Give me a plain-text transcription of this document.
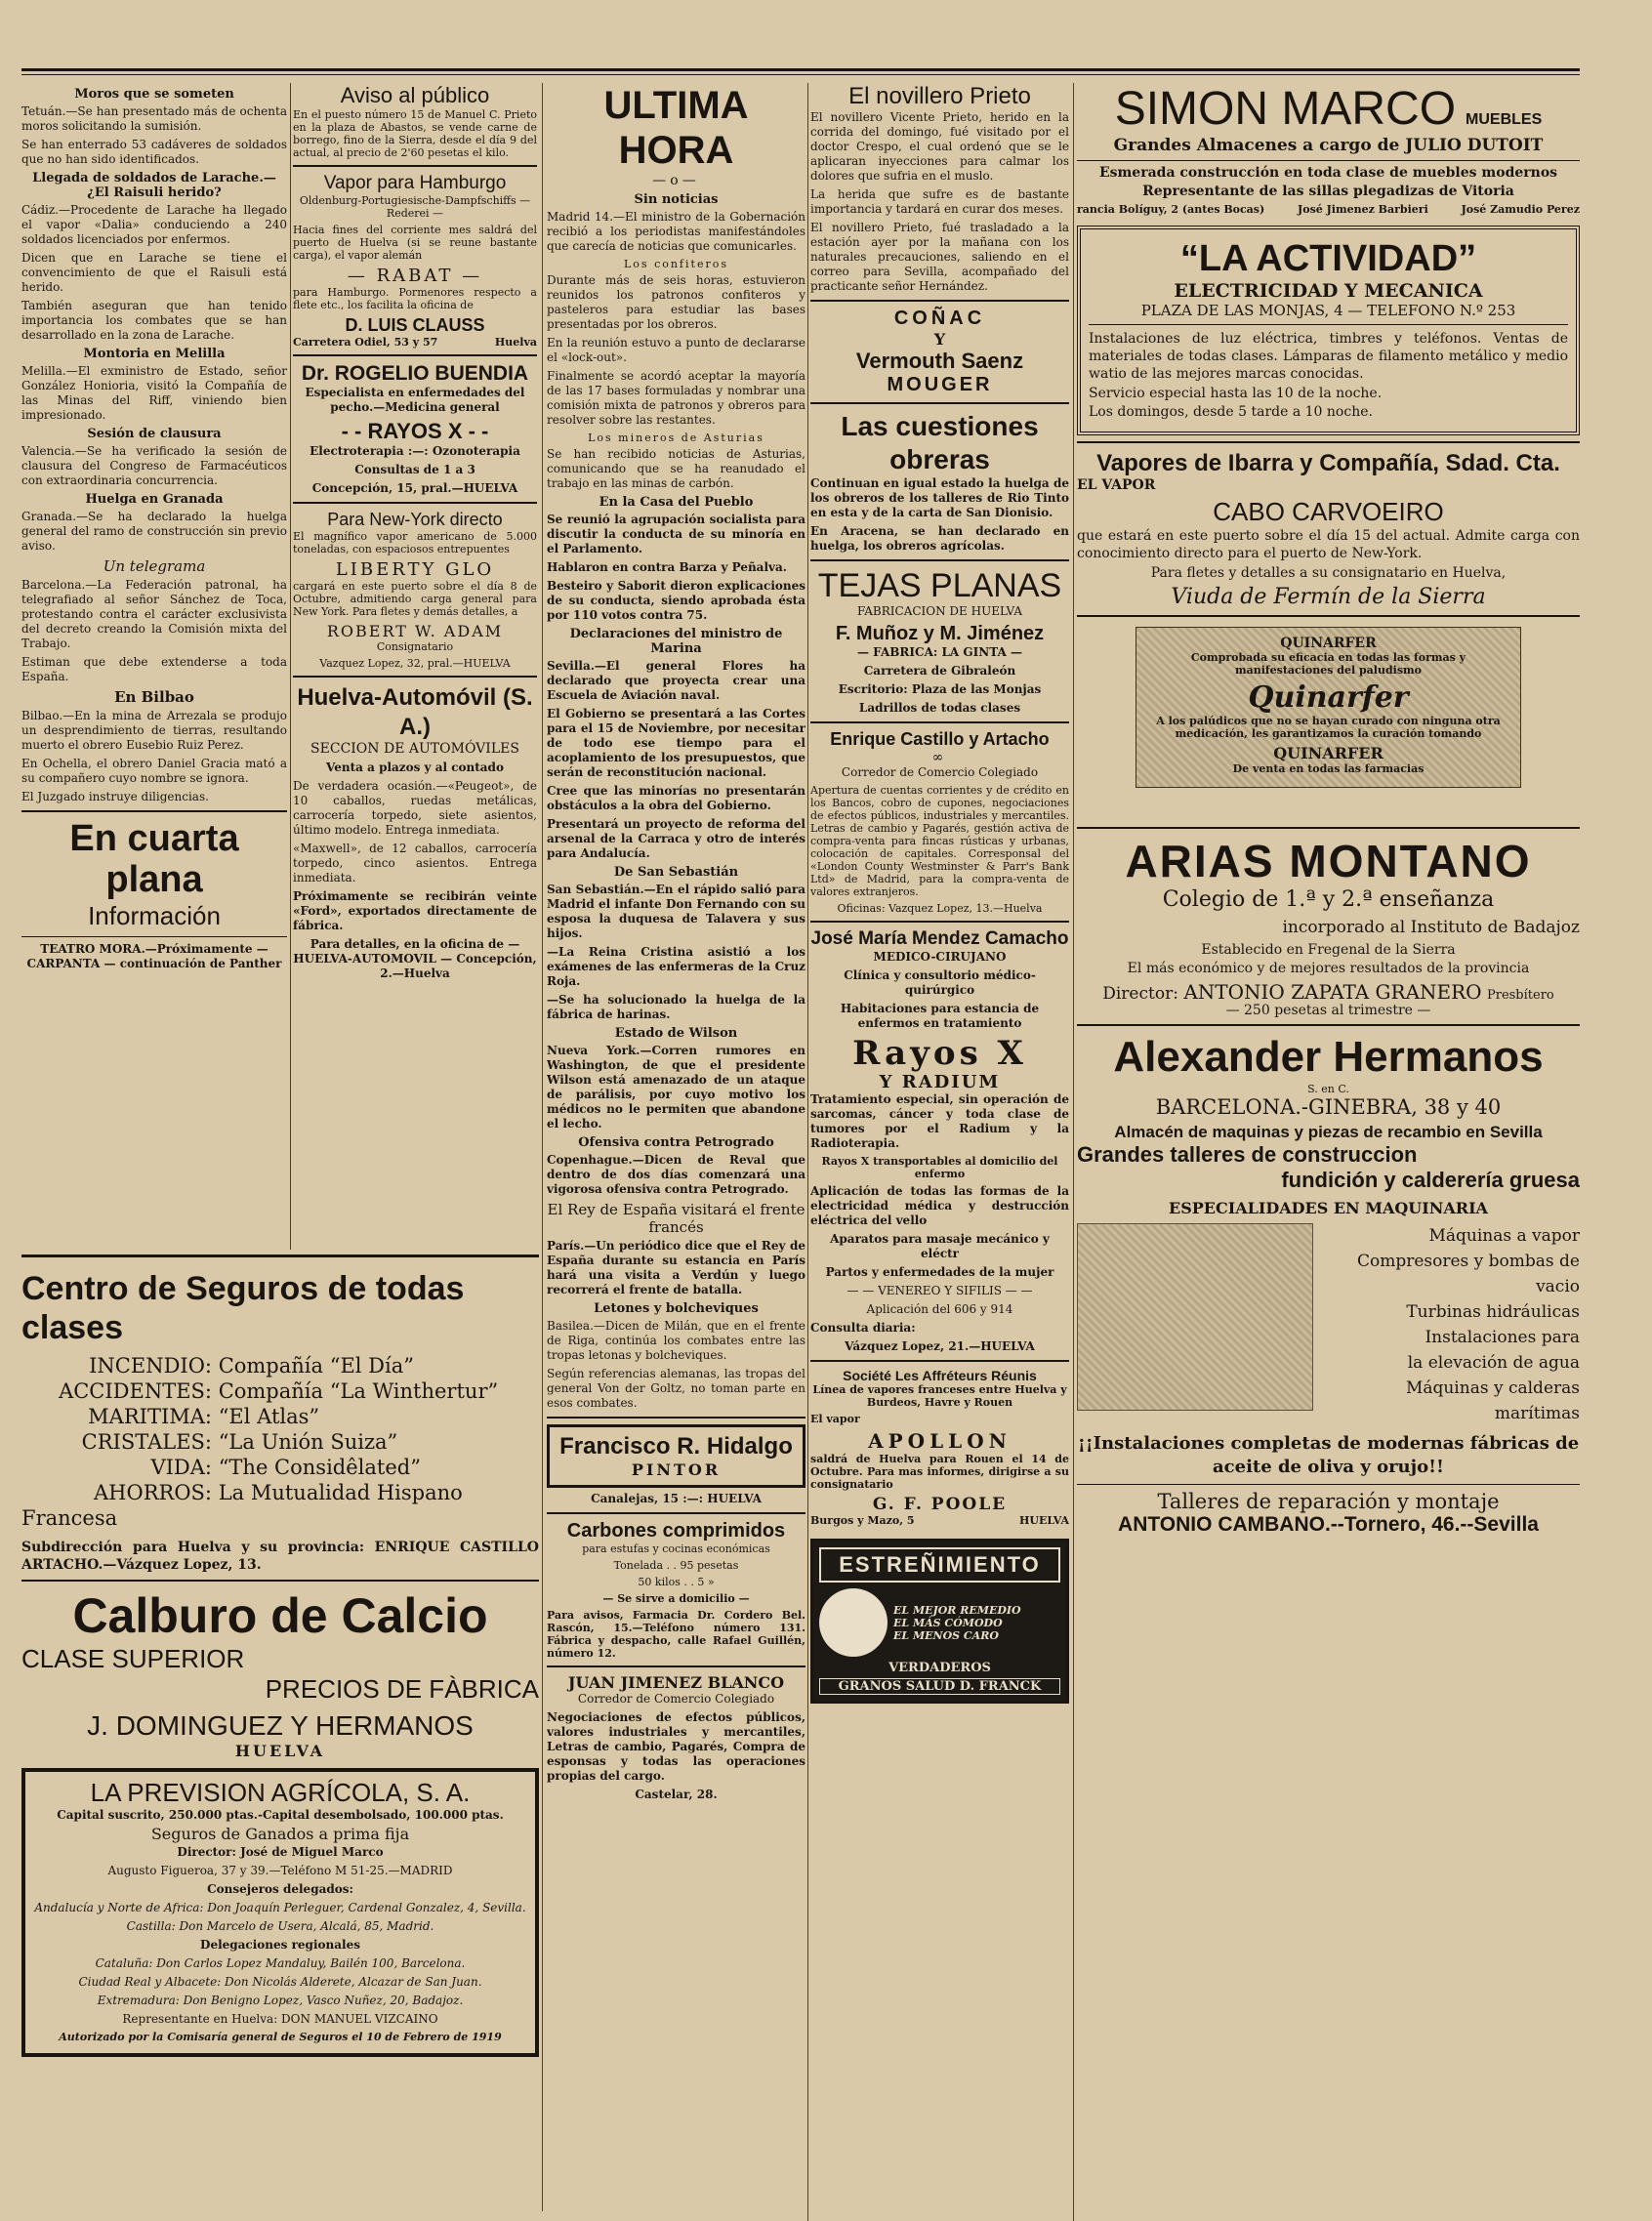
Moros que se someten

Tetuán.—Se han presentado más de ochenta moros solicitando la sumisión.

Se han enterrado 53 cadáveres de soldados que no han sido identificados.

Llegada de soldados de Larache.—¿El Raisuli herido?

Cádiz.—Procedente de Larache ha llegado el vapor «Dalia» conduciendo a 240 soldados licenciados por enfermos.

Dicen que en Larache se tiene el convencimiento de que el Raisuli está herido.

También aseguran que han tenido importancia los combates que se han desarrollado en la zona de Larache.

Montoria en Melilla

Melilla.—El exministro de Estado, señor González Honioria, visitó la Compañía de las Minas del Riff, viniendo bien impresionado.

Sesión de clausura

Valencia.—Se ha verificado la sesión de clausura del Congreso de Farmacéuticos con extraordinaria concurrencia.

Huelga en Granada

Granada.—Se ha declarado la huelga general del ramo de construcción sin previo aviso.

Un telegrama

Barcelona.—La Federación patronal, ha telegrafiado al señor Sánchez de Toca, protestando contra el carácter exclusivista del decreto creando la Comisión mixta del Trabajo.

Estiman que debe extenderse a toda España.

En Bilbao

Bilbao.—En la mina de Arrezala se produjo un desprendimiento de tierras, resultando muerto el obrero Eusebio Ruiz Perez.

En Ochella, el obrero Daniel Gracia mató a su compañero cuyo nombre se ignora.

El Juzgado instruye diligencias.

En cuarta plana
Información

TEATRO MORA.—Próximamente — CARPANTA — continuación de Panther

Aviso al público

En el puesto número 15 de Manuel C. Prieto en la plaza de Abastos, se vende carne de borrego, fino de la Sierra, desde el día 9 del actual, al precio de 2'60 pesetas el kilo.

Vapor para Hamburgo

Oldenburg-Portugiesische-Dampfschiffs — Rederei —

Hacia fines del corriente mes saldrá del puerto de Huelva (si se reune bastante carga), el vapor alemán

— RABAT —

para Hamburgo. Pormenores respecto a flete etc., los facilita la oficina de

D. LUIS CLAUSS
Carretera Odiel, 53 y 57	Huelva
Dr. ROGELIO BUENDIA

Especialista en enfermedades del pecho.—Medicina general

- - RAYOS X - -

Electroterapia :—: Ozonoterapia

Consultas de 1 a 3

Concepción, 15, pral.—HUELVA

Para New-York directo

El magnífico vapor americano de 5.000 toneladas, con espaciosos entrepuentes

LIBERTY GLO

cargará en este puerto sobre el día 8 de Octubre, admitiendo carga general para New York. Para fletes y demás detalles, a

ROBERT W. ADAM

Consignatario

Vazquez Lopez, 32, pral.—HUELVA

Huelva-Automóvil (S. A.)

SECCION DE AUTOMÓVILES

Venta a plazos y al contado

De verdadera ocasión.—«Peugeot», de 10 caballos, ruedas metálicas, carrocería torpedo, siete asientos, último modelo. Entrega inmediata.

«Maxwell», de 12 caballos, carrocería torpedo, cinco asientos. Entrega inmediata.

Próximamente se recibirán veinte «Ford», exportados directamente de fábrica.

Para detalles, en la oficina de — HUELVA-AUTOMOVIL — Concepción, 2.—Huelva

ULTIMA HORA
—o—
Sin noticias

Madrid 14.—El ministro de la Gobernación recibió a los periodistas manifestándoles que carecía de noticias que comunicarles.

Los confiteros

Durante más de seis horas, estuvieron reunidos los patronos confiteros y pasteleros para estudiar las bases presentadas por los obreros.

En la reunión estuvo a punto de declararse el «lock-out».

Finalmente se acordó aceptar la mayoría de las 17 bases formuladas y nombrar una comisión mixta de patronos y obreros para resolver sobre las restantes.

Los mineros de Asturias

Se han recibido noticias de Asturias, comunicando que se ha reanudado el trabajo en las minas de carbón.

En la Casa del Pueblo

Se reunió la agrupación socialista para discutir la conducta de su minoría en el Parlamento.

Hablaron en contra Barza y Peñalva.

Besteiro y Saborit dieron explicaciones de su conducta, siendo aprobada ésta por 110 votos contra 75.

Declaraciones del ministro de Marina

Sevilla.—El general Flores ha declarado que proyecta crear una Escuela de Aviación naval.

El Gobierno se presentará a las Cortes para el 15 de Noviembre, por necesitar de todo ese tiempo para el acoplamiento de los presupuestos, que serán de reconstitución nacional.

Cree que las minorías no presentarán obstáculos a la obra del Gobierno.

Presentará un proyecto de reforma del arsenal de la Carraca y otro de interés para Andalucía.

De San Sebastián

San Sebastián.—En el rápido salió para Madrid el infante Don Fernando con su esposa la duquesa de Talavera y sus hijos.

—La Reina Cristina asistió a los exámenes de las enfermeras de la Cruz Roja.

—Se ha solucionado la huelga de la fábrica de harinas.

Estado de Wilson

Nueva York.—Corren rumores en Washington, de que el presidente Wilson está amenazado de un ataque de parálisis, por cuyo motivo los médicos no le permiten que abandone el lecho.

Ofensiva contra Petrogrado

Copenhague.—Dicen de Reval que dentro de dos días comenzará una vigorosa ofensiva contra Petrogrado.

El Rey de España visitará el frente francés

París.—Un periódico dice que el Rey de España durante su estancia en París hará una visita a Verdún y luego recorrerá el frente de batalla.

Letones y bolcheviques

Basilea.—Dicen de Milán, que en el frente de Riga, continúa los combates entre las tropas letonas y bolcheviques.

Según referencias alemanas, las tropas del general Von der Goltz, no toman parte en esos combates.

Francisco R. Hidalgo
PINTOR

Canalejas, 15 :—: HUELVA

Carbones comprimidos

para estufas y cocinas económicas

Tonelada . . 95 pesetas

50 kilos . . 5 »

— Se sirve a domicilio —

Para avisos, Farmacia Dr. Cordero Bel. Rascón, 15.—Teléfono número 131. Fábrica y despacho, calle Rafael Guillén, número 12.

JUAN JIMENEZ BLANCO

Corredor de Comercio Colegiado

Negociaciones de efectos públicos, valores industriales y mercantiles, Letras de cambio, Pagarés, Compra de esponsas y todas las operaciones propias del cargo.

Castelar, 28.

El novillero Prieto

El novillero Vicente Prieto, herido en la corrida del domingo, fué visitado por el doctor Crespo, el cual ordenó que se le aplicaran inyecciones para calmar los dolores que sufria en el muslo.

La herida que sufre es de bastante importancia y tardará en curar dos meses.

El novillero Prieto, fué trasladado a la estación ayer por la mañana con los naturales precauciones, saliendo en el correo para Sevilla, acompañado del practicante señor Hernández.

COÑAC
Y
Vermouth Saenz
MOUGER
Las cuestiones obreras

Continuan en igual estado la huelga de los obreros de los talleres de Rio Tinto en esta y de la carta de San Dionisio.

En Aracena, se han declarado en huelga, los obreros agrícolas.

TEJAS PLANAS

FABRICACION DE HUELVA

F. Muñoz y M. Jiménez

— FABRICA: LA GINTA —

Carretera de Gibraleón

Escritorio: Plaza de las Monjas

Ladrillos de todas clases

Enrique Castillo y Artacho
∞

Corredor de Comercio Colegiado

Apertura de cuentas corrientes y de crédito en los Bancos, cobro de cupones, negociaciones de efectos públicos, industriales y mercantiles. Letras de cambio y Pagarés, gestión activa de compra-venta para fincas rústicas y urbanas, colocación de capitales. Corresponsal del «London County Westminster & Parr's Bank Ltd» de Madrid, para la compra-venta de valores extranjeros.

Oficinas: Vazquez Lopez, 13.—Huelva

José María Mendez Camacho

MEDICO-CIRUJANO

Clínica y consultorio médico-quirúrgico

Habitaciones para estancia de enfermos en tratamiento

Rayos X
Y RADIUM

Tratamiento especial, sin operación de sarcomas, cáncer y toda clase de tumores por el Radium y la Radioterapia.

Rayos X transportables al domicilio del enfermo

Aplicación de todas las formas de la electricidad médica y destrucción eléctrica del vello

Aparatos para masaje mecánico y eléctr

Partos y enfermedades de la mujer

— — VENEREO Y SIFILIS — —

Aplicación del 606 y 914

Consulta diaria:

Vázquez Lopez, 21.—HUELVA

Société Les Affréteurs Réunis

Línea de vapores franceses entre Huelva y Burdeos, Havre y Rouen

El vapor

APOLLON

saldrá de Huelva para Rouen el 14 de Octubre. Para mas informes, dirigirse a su consignatario

G. F. POOLE
Burgos y Mazo, 5	HUELVA
ESTREÑIMIENTO
EL MEJOR REMEDIO
EL MÁS CÓMODO
EL MENOS CARO
VERDADEROS
GRANOS SALUD D. FRANCK
SIMON MARCO MUEBLES
Grandes Almacenes a cargo de JULIO DUTOIT

Esmerada construcción en toda clase de muebles modernos

Representante de las sillas plegadizas de Vitoria

rancia Bolíguy, 2 (antes Bocas)	José Jimenez Barbieri	José Zamudio Perez
“LA ACTIVIDAD”
ELECTRICIDAD Y MECANICA
PLAZA DE LAS MONJAS, 4 — TELEFONO N.º 253

Instalaciones de luz eléctrica, timbres y teléfonos. Ventas de materiales de todas clases. Lámparas de filamento metálico y medio watio de las mejores marcas conocidas.

Servicio especial hasta las 10 de la noche.

Los domingos, desde 5 tarde a 10 noche.

Vapores de Ibarra y Compañía, Sdad. Cta.

EL VAPOR

CABO CARVOEIRO

que estará en este puerto sobre el día 15 del actual. Admite carga con conocimiento directo para el puerto de New-York.

Para fletes y detalles a su consignatario en Huelva,

Viuda de Fermín de la Sierra
QUINARFER

Comprobada su eficacia en todas las formas y manifestaciones del paludismo

Quinarfer

A los palúdicos que no se hayan curado con ninguna otra medicación, les garantizamos la curación tomando

QUINARFER

De venta en todas las farmacias

ARIAS MONTANO
Colegio de 1.ª y 2.ª enseñanza
incorporado al Instituto de Badajoz

Establecido en Fregenal de la Sierra

El más económico y de mejores resultados de la provincia

Director: ANTONIO ZAPATA GRANERO Presbítero

— 250 pesetas al trimestre —

Alexander Hermanos
S. en C.
BARCELONA.-GINEBRA, 38 y 40
Almacén de maquinas y piezas de recambio en Sevilla
Grandes talleres de construccion
fundición y calderería gruesa
ESPECIALIDADES EN MAQUINARIA
Máquinas a vapor
Compresores y bombas de vacio
Turbinas hidráulicas
Instalaciones para
la elevación de agua
Máquinas y calderas
marítimas
¡¡Instalaciones completas de modernas fábricas de aceite de oliva y orujo!!
Talleres de reparación y montaje
ANTONIO CAMBANO.--Tornero, 46.--Sevilla
Centro de Seguros de todas clases
INCENDIO: Compañía “El Día”
ACCIDENTES: Compañía “La Winthertur”
MARITIMA: “El Atlas”
CRISTALES: “La Unión Suiza”
VIDA: “The Considêlated”
AHORROS: La Mutualidad Hispano Francesa

Subdirección para Huelva y su provincia: ENRIQUE CASTILLO ARTACHO.—Vázquez Lopez, 13.

Calburo de Calcio
CLASE SUPERIOR
PRECIOS DE FÀBRICA
J. DOMINGUEZ Y HERMANOS
HUELVA
LA PREVISION AGRÍCOLA, S. A.

Capital suscrito, 250.000 ptas.-Capital desembolsado, 100.000 ptas.

Seguros de Ganados a prima fija

Director: José de Miguel Marco

Augusto Figueroa, 37 y 39.—Teléfono M 51-25.—MADRID

Consejeros delegados:

Andalucía y Norte de Africa: Don Joaquín Perleguer, Cardenal Gonzalez, 4, Sevilla.

Castilla: Don Marcelo de Usera, Alcalá, 85, Madrid.

Delegaciones regionales

Cataluña: Don Carlos Lopez Mandaluy, Bailén 100, Barcelona.

Ciudad Real y Albacete: Don Nicolás Alderete, Alcazar de San Juan.

Extremadura: Don Benigno Lopez, Vasco Nuñez, 20, Badajoz.

Representante en Huelva: DON MANUEL VIZCAINO

Autorizado por la Comisaría general de Seguros el 10 de Febrero de 1919
